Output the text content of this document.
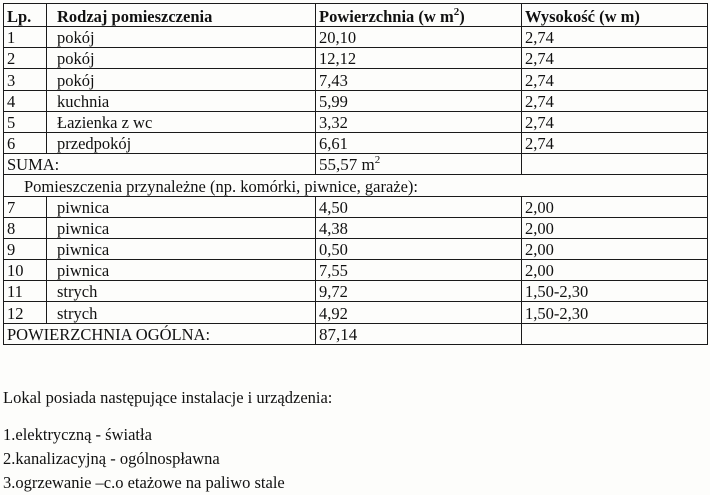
Lp.	Rodzaj pomieszczenia	Powierzchnia (w $m^2$)	Wysokość (w m)
1	pokój	20,10	2,74
2	pokój	12,12	2,74
3	pokój	7,43	2,74
4	kuchnia	5,99	2,74
5	Łazienka z wc	3,32	2,74
6	przedpokój	6,61	2,74
SUMA:		55,57 $m^2$	
Pomieszczenia przynależne (np. komórki, piwnice, garaże):			
7	piwnica	4,50	2,00
8	piwnica	4,38	2,00
9	piwnica	0,50	2,00
10	piwnica	7,55	2,00
11	strych	9,72	1,50-2,30
12	strych	4,92	1,50-2,30
POWIERZCHNIA OGÓLNA:		87,14	
Lokal posiada następujące instalacje i urządzenia:
1.elektryczną - światła
2.kanalizacyjną - ogólnospławna
3.ogrzewanie –c.o etażowe na paliwo stale
